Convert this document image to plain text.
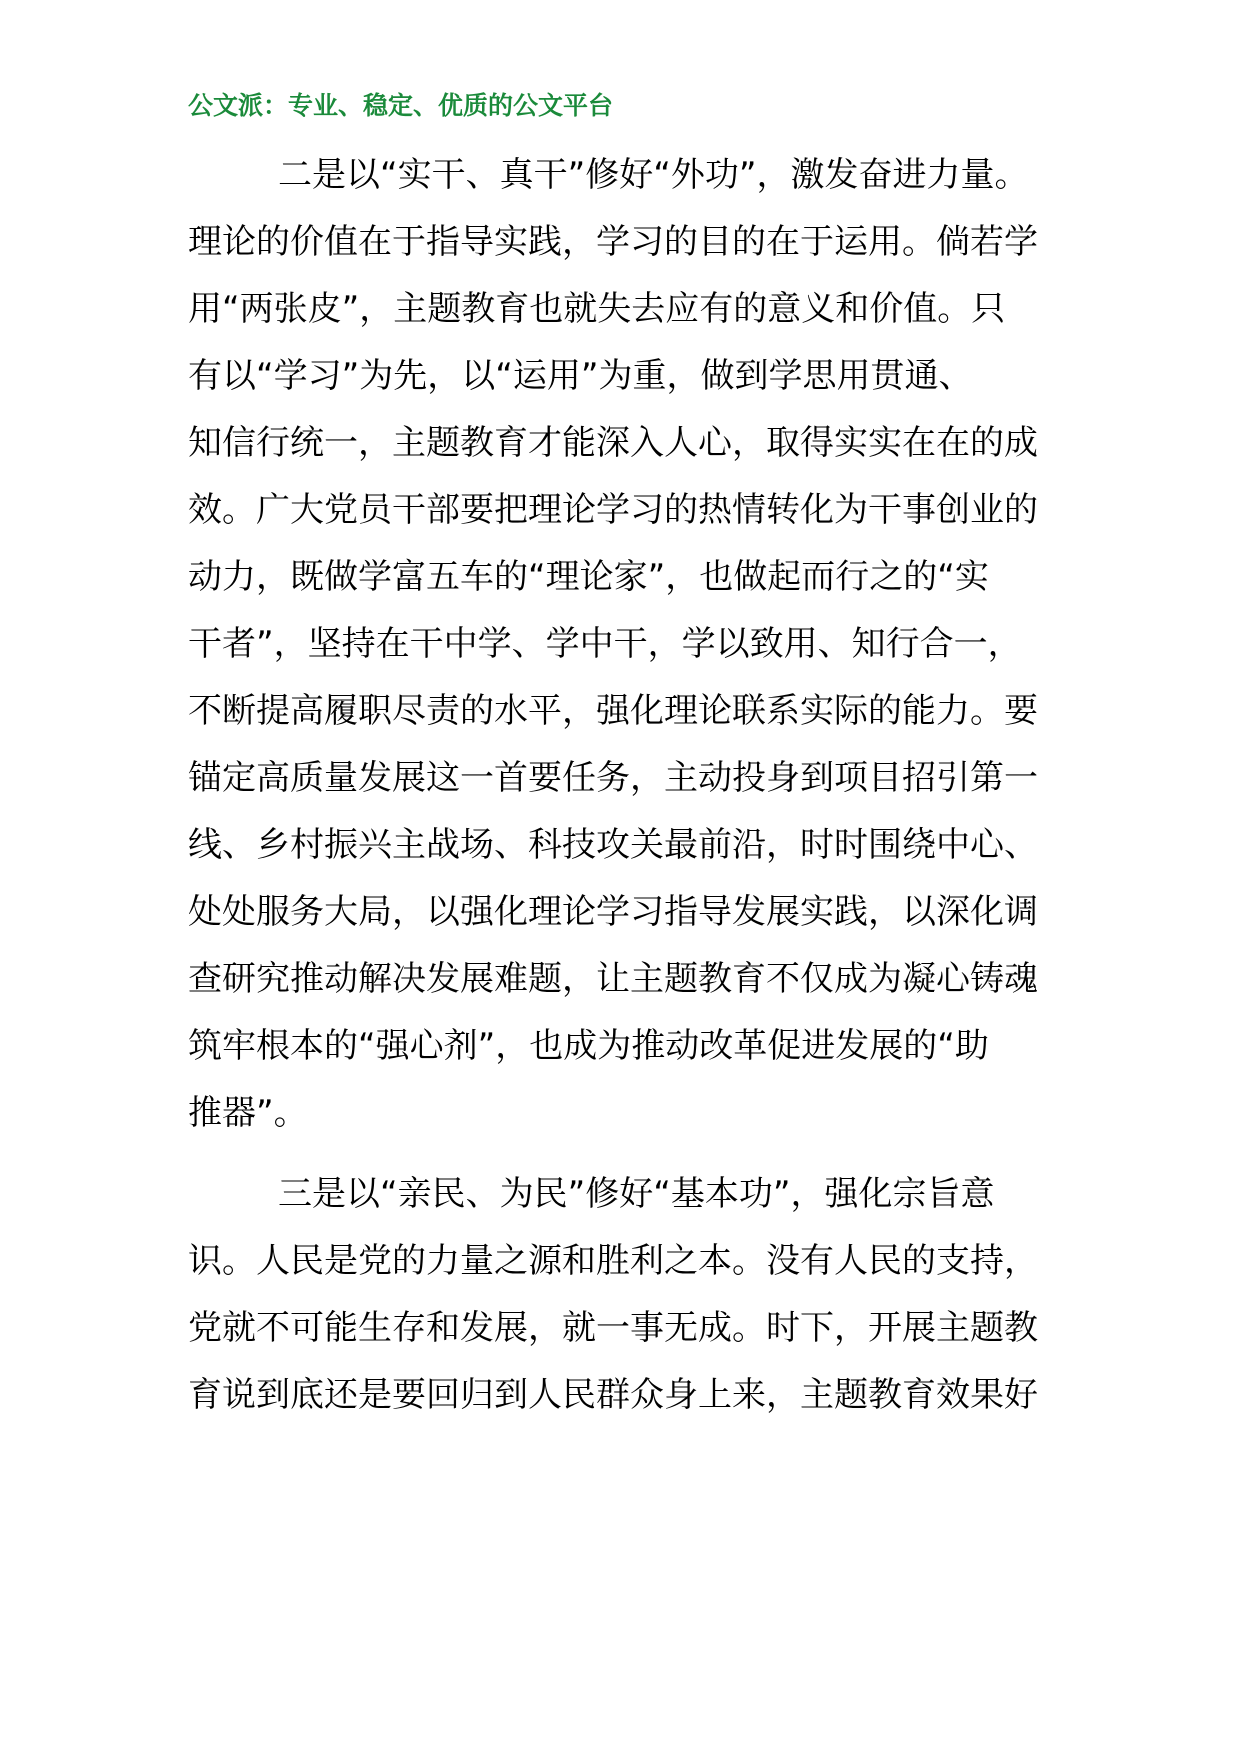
公文派：专业、稳定、优质的公文平台
二是以“实干、真干”修好“外功”，激发奋进力量。
理论的价值在于指导实践，学习的目的在于运用。倘若学
用“两张皮”，主题教育也就失去应有的意义和价值。只
有以“学习”为先，以“运用”为重，做到学思用贯通、
知信行统一，主题教育才能深入人心，取得实实在在的成
效。广大党员干部要把理论学习的热情转化为干事创业的
动力，既做学富五车的“理论家”，也做起而行之的“实
干者”，坚持在干中学、学中干，学以致用、知行合一，
不断提高履职尽责的水平，强化理论联系实际的能力。要
锚定高质量发展这一首要任务，主动投身到项目招引第一
线、乡村振兴主战场、科技攻关最前沿，时时围绕中心、
处处服务大局，以强化理论学习指导发展实践，以深化调
查研究推动解决发展难题，让主题教育不仅成为凝心铸魂
筑牢根本的“强心剂”，也成为推动改革促进发展的“助
推器”。
三是以“亲民、为民”修好“基本功”，强化宗旨意
识。人民是党的力量之源和胜利之本。没有人民的支持，
党就不可能生存和发展，就一事无成。时下，开展主题教
育说到底还是要回归到人民群众身上来，主题教育效果好
